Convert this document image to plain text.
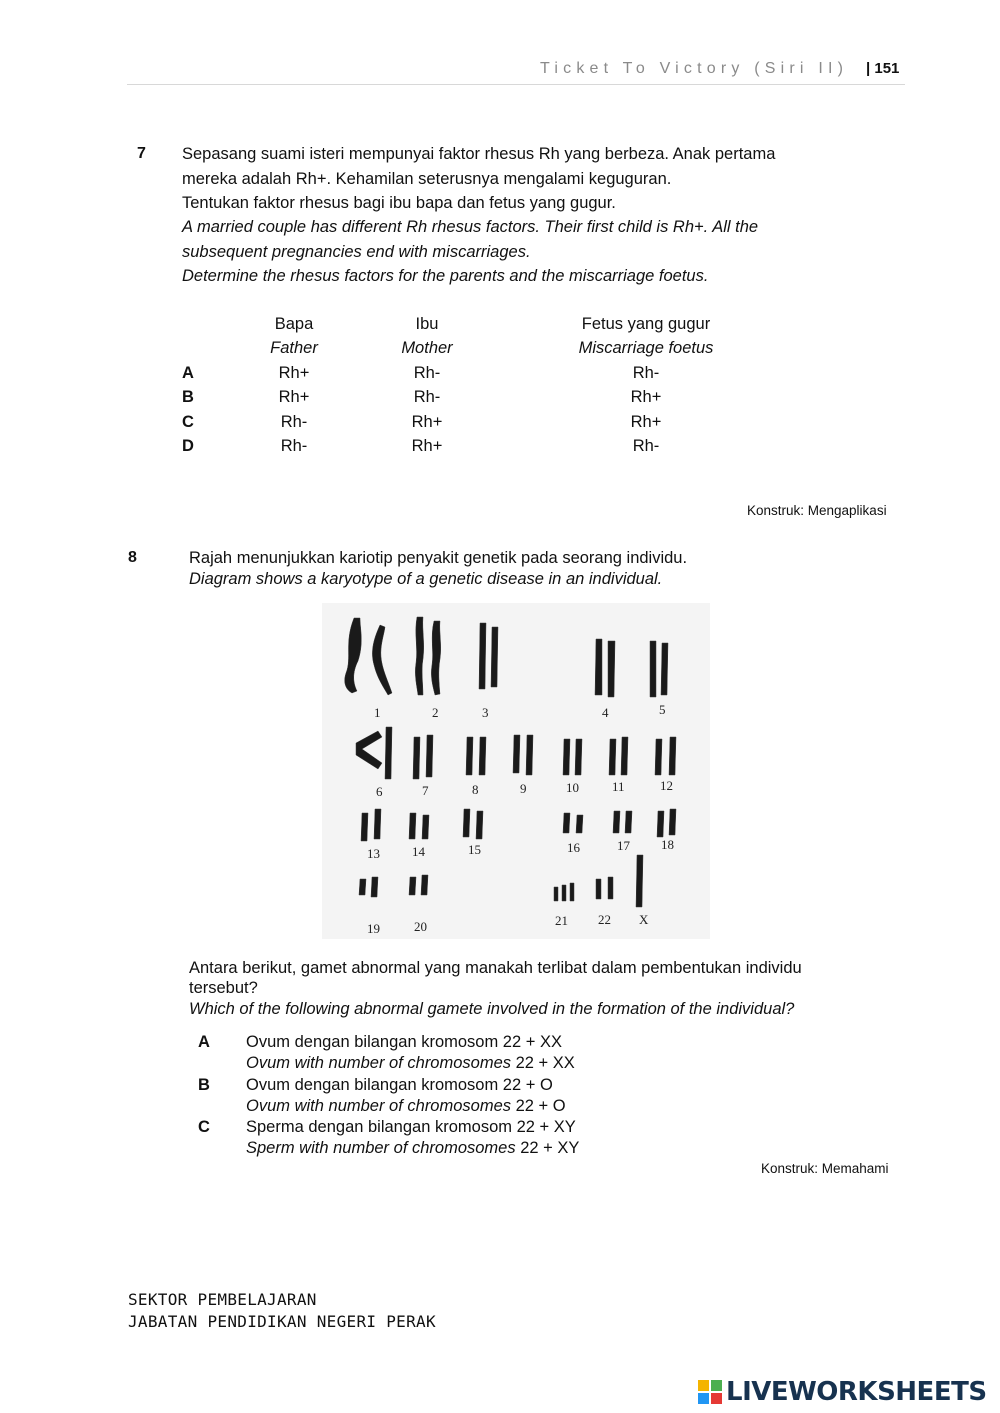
Ticket To Victory (Siri II) | 151
7 Sepasang suami isteri mempunyai faktor rhesus Rh yang berbeza. Anak pertama
mereka adalah Rh+. Kehamilan seterusnya mengalami keguguran.
Tentukan faktor rhesus bagi ibu bapa dan fetus yang gugur.
A married couple has different Rh rhesus factors. Their first child is Rh+. All the
subsequent pregnancies end with miscarriages.
Determine the rhesus factors for the parents and the miscarriage foetus.
	Bapa	Ibu	Fetus yang gugur
	Father	Mother	Miscarriage foetus
A	Rh+	Rh-	Rh-
B	Rh+	Rh-	Rh+
C	Rh-	Rh+	Rh+
D	Rh-	Rh+	Rh-
Konstruk: Mengaplikasi
8	Rajah menunjukkan kariotip penyakit genetik pada seorang individu.
Diagram shows a karyotype of a genetic disease in an individual.
1	2	3	4	5
6	7	8	9	10	11	12
13 14	15	16	17 18
19	20	21 22 X
Antara berikut, gamet abnormal yang manakah terlibat dalam pembentukan individu
tersebut?
Which of the following abnormal gamete involved in the formation of the individual?
A Ovum dengan bilangan kromosom 22 + XX
Ovum with number of chromosomes 22 + XX
B Ovum dengan bilangan kromosom 22 + O
Ovum with number of chromosomes 22 + O
C Sperma dengan bilangan kromosom 22 + XY
Sperm with number of chromosomes 22 + XY
Konstruk: Memahami
SEKTOR PEMBELAJARAN
JABATAN PENDIDIKAN NEGERI PERAK
LIVEWORKSHEETS
